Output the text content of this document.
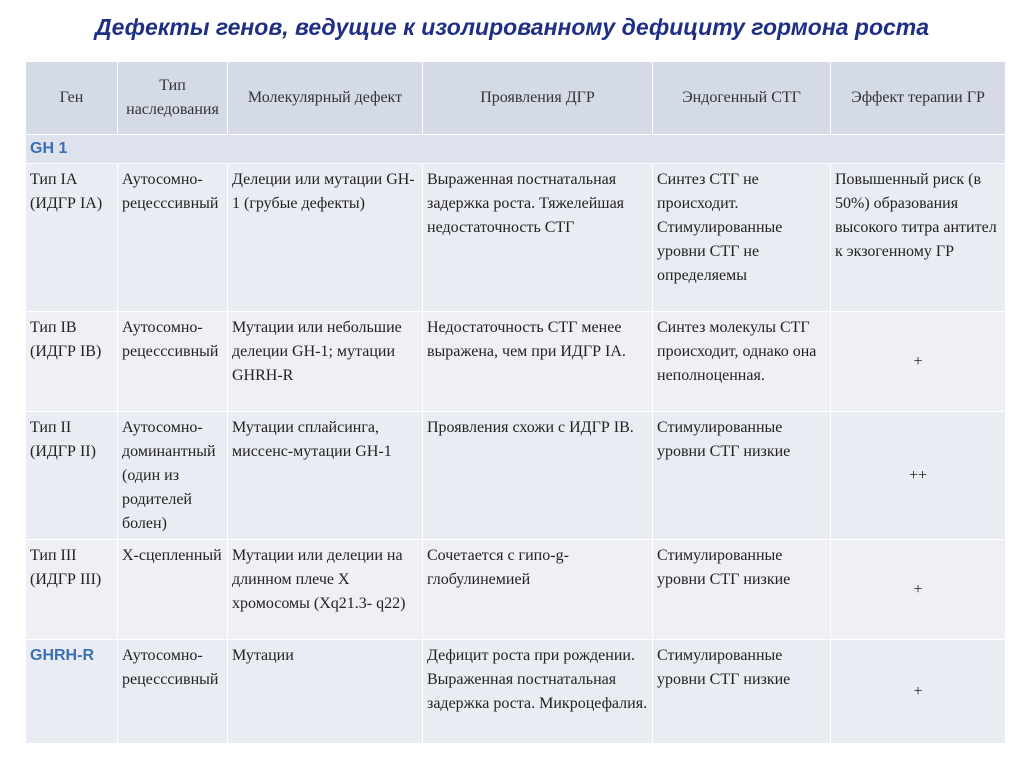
Дефекты генов, ведущие к изолированному дефициту гормона роста
Ген	Тип наследования	Молекулярный дефект	Проявления ДГР	Эндогенный СТГ	Эффект терапии ГР
GH 1					
Тип IA (ИДГР IA)	Аутосомно-рецесссивный	Делеции или мутации GH-1 (грубые дефекты)	Выраженная постнатальная задержка роста. Тяжелейшая недостаточность СТГ	Синтез СТГ не происходит. Стимулированные уровни СТГ не определяемы	Повышенный риск (в 50%) образования высокого титра антител к экзогенному ГР
Тип IB (ИДГР IB)	Аутосомно-рецесссивный	Мутации или небольшие делеции GH-1; мутации GHRH-R	Недостаточность СТГ менее выражена, чем при ИДГР IA.	Синтез молекулы СТГ происходит, однако она неполноценная.	+
Тип II (ИДГР II)	Аутосомно-доминантный (один из родителей болен)	Мутации сплайсинга, миссенс-мутации GH-1	Проявления схожи с ИДГР IB.	Стимулированные уровни СТГ низкие	++
Тип III (ИДГР III)	X-сцепленный	Мутации или делеции на длинном плече X хромосомы (Xq21.3- q22)	Сочетается с гипо-g-глобулинемией	Стимулированные уровни СТГ низкие	+
GHRH-R	Аутосомно-рецесссивный	Мутации	Дефицит роста при рождении. Выраженная постнатальная задержка роста. Микроцефалия.	Стимулированные уровни СТГ низкие	+
